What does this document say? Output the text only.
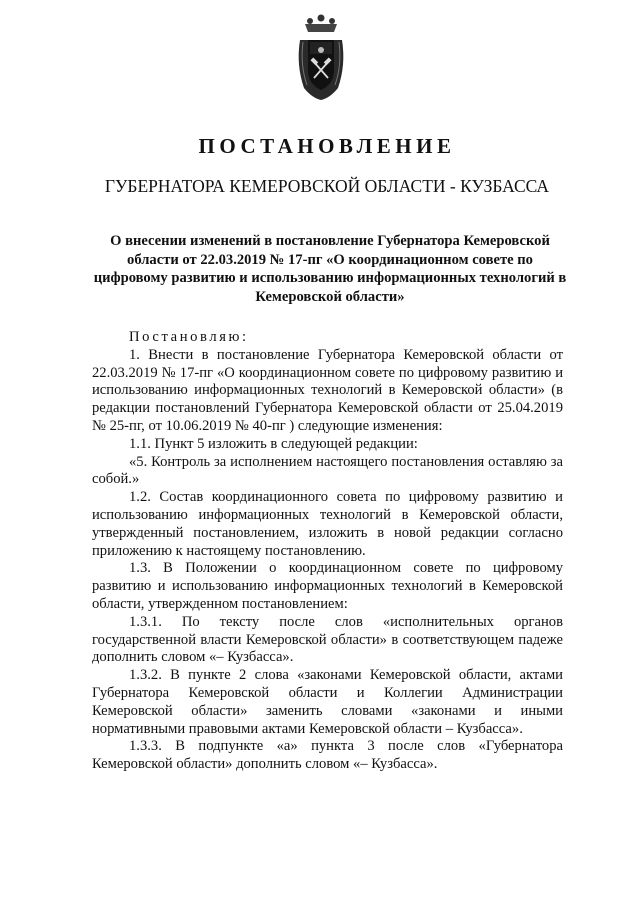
ПОСТАНОВЛЕНИЕ
ГУБЕРНАТОРА КЕМЕРОВСКОЙ ОБЛАСТИ - КУЗБАССА
О внесении изменений в постановление Губернатора Кемеровской области от 22.03.2019 № 17-пг «О координационном совете по цифровому развитию и использованию информационных технологий в Кемеровской области»

Постановляю:

1. Внести в постановление Губернатора Кемеровской области от 22.03.2019 № 17-пг «О координационном совете по цифровому развитию и использованию информационных технологий в Кемеровской области» (в редакции постановлений Губернатора Кемеровской области от 25.04.2019 № 25-пг, от 10.06.2019 № 40-пг ) следующие изменения:

1.1. Пункт 5 изложить в следующей редакции:

«5. Контроль за исполнением настоящего постановления оставляю за собой.»

1.2. Состав координационного совета по цифровому развитию и использованию информационных технологий в Кемеровской области, утвержденный постановлением, изложить в новой редакции согласно приложению к настоящему постановлению.

1.3. В Положении о координационном совете по цифровому развитию и использованию информационных технологий в Кемеровской области, утвержденном постановлением:

1.3.1. По тексту после слов «исполнительных органов государственной власти Кемеровской области» в соответствующем падеже дополнить словом «– Кузбасса».

1.3.2. В пункте 2 слова «законами Кемеровской области, актами Губернатора Кемеровской области и Коллегии Администрации Кемеровской области» заменить словами «законами и иными нормативными правовыми актами Кемеровской области – Кузбасса».

1.3.3. В подпункте «а» пункта 3 после слов «Губернатора Кемеровской области» дополнить словом «– Кузбасса».
